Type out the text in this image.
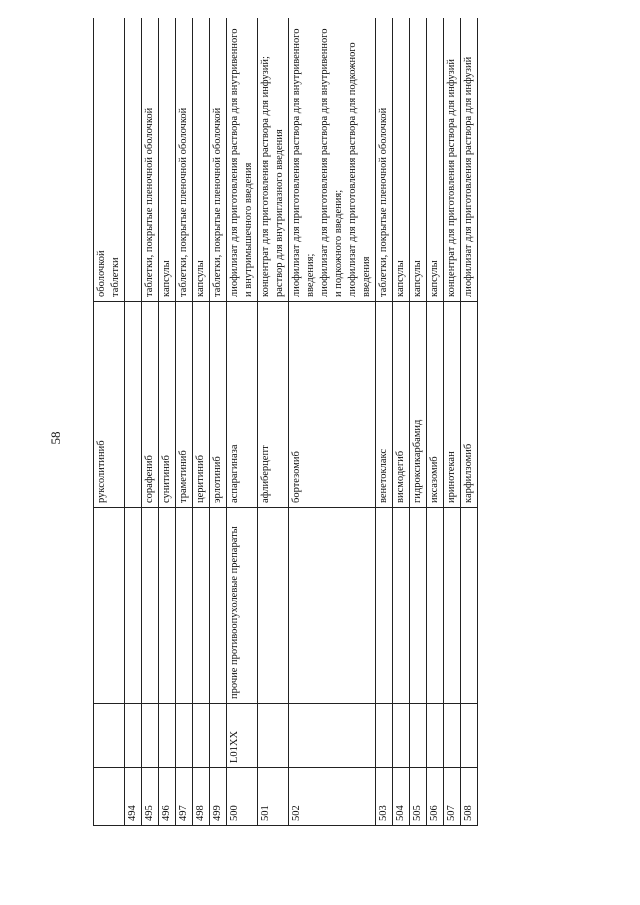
58
			руксолитиниб	оболочкой таблетки

494				
495			сорафениб	таблетки, покрытые пленочной оболочкой

496			сунитиниб	капсулы

497			траметиниб	таблетки, покрытые пленочной оболочкой

498			церитиниб	капсулы

499			эрлотиниб	таблетки, покрытые пленочной оболочкой

500	L01XX	прочие противоопухолевые препараты	аспарагиназа	лиофилизат для приготовления раствора для внутривенного и внутримышечного введения

501			афлиберцепт	концентрат для приготовления раствора для инфузий; раствор для внутриглазного введения

502			бортезомиб	лиофилизат для приготовления раствора для внутривенного введения; лиофилизат для приготовления раствора для внутривенного и подкожного введения; лиофилизат для приготовления раствора для подкожного введения

503			венетоклакс	таблетки, покрытые пленочной оболочкой

504			висмодегиб	капсулы

505			гидроксикарбамид	капсулы

506			иксазомиб	капсулы

507			иринотекан	концентрат для приготовления раствора для инфузий

508			карфилзомиб	лиофилизат для приготовления раствора для инфузий
